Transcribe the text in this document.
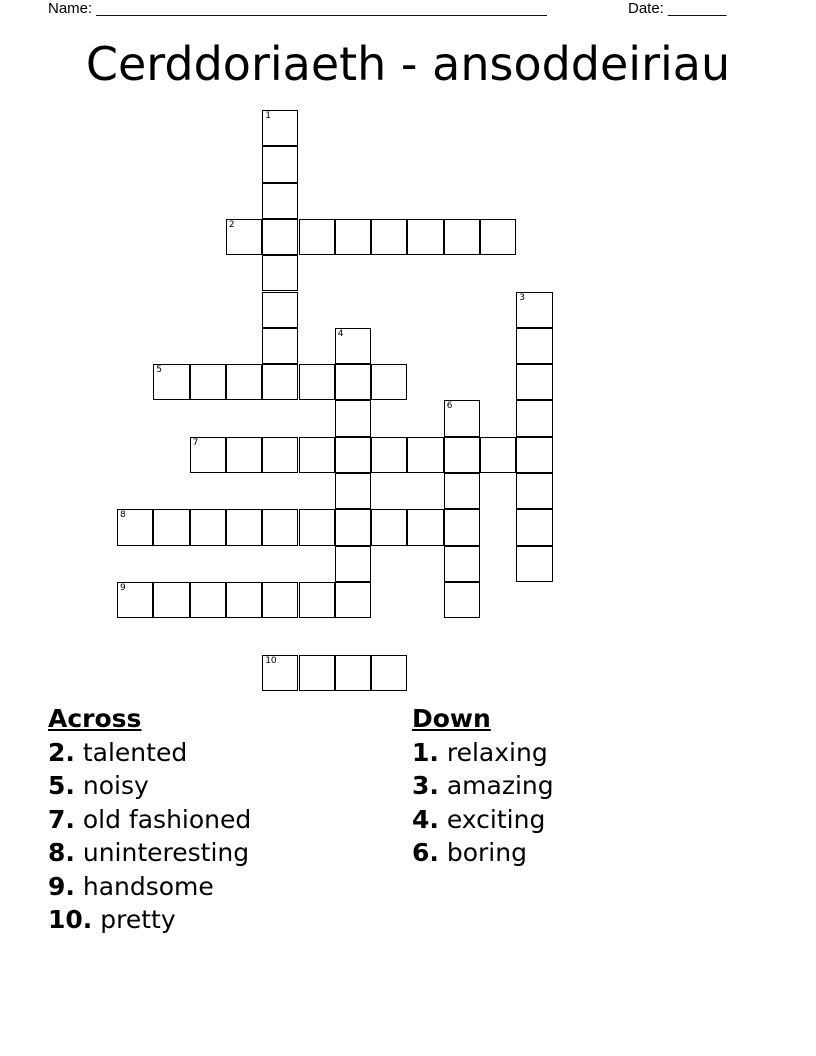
Name: ______________________________________________________	Date: _______
Cerddoriaeth - ansoddeiriau
1
2
3
4
5
6
7
8
9
10
Across
2. talented
5. noisy
7. old fashioned
8. uninteresting
9. handsome
10. pretty
Down
1. relaxing
3. amazing
4. exciting
6. boring
